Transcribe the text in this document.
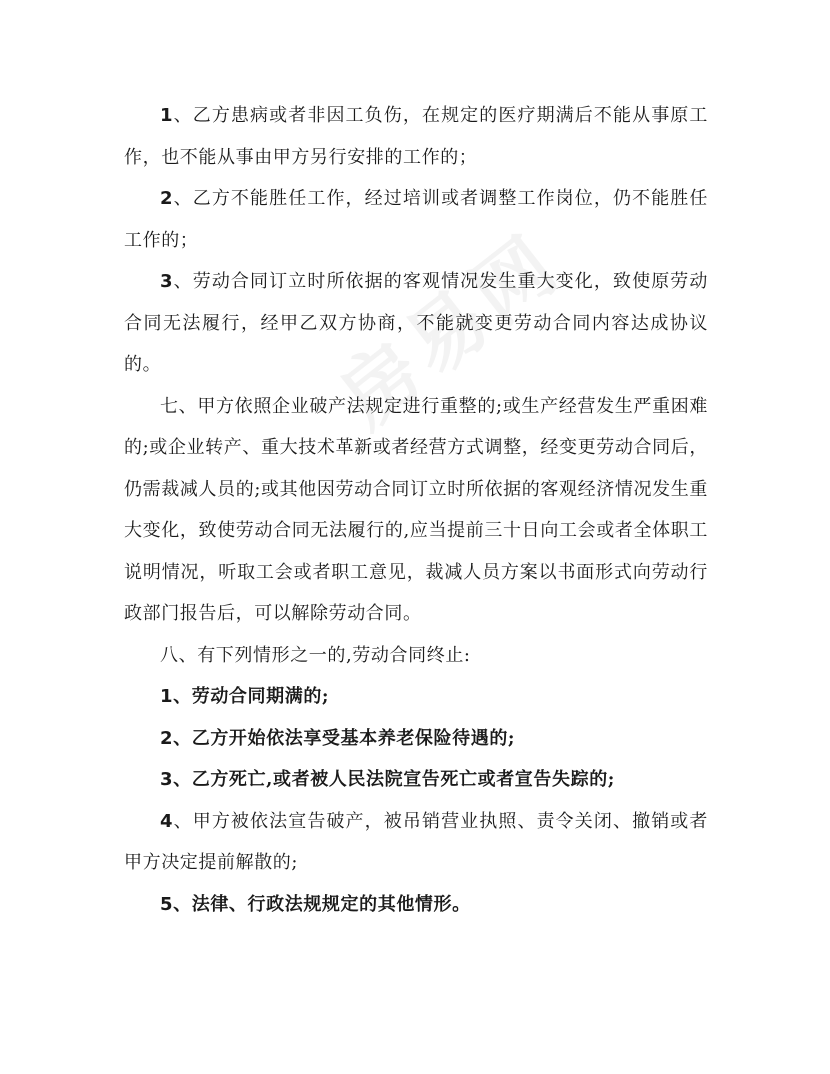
1、乙方患病或者非因工负伤，在规定的医疗期满后不能从事原工作，也不能从事由甲方另行安排的工作的；

2、乙方不能胜任工作，经过培训或者调整工作岗位，仍不能胜任工作的；

3、劳动合同订立时所依据的客观情况发生重大变化，致使原劳动合同无法履行，经甲乙双方协商，不能就变更劳动合同内容达成协议的。

七、甲方依照企业破产法规定进行重整的;或生产经营发生严重困难的;或企业转产、重大技术革新或者经营方式调整，经变更劳动合同后，仍需裁减人员的;或其他因劳动合同订立时所依据的客观经济情况发生重大变化，致使劳动合同无法履行的,应当提前三十日向工会或者全体职工说明情况，听取工会或者职工意见，裁减人员方案以书面形式向劳动行政部门报告后，可以解除劳动合同。

八、有下列情形之一的,劳动合同终止:

1、劳动合同期满的;

2、乙方开始依法享受基本养老保险待遇的;

3、乙方死亡,或者被人民法院宣告死亡或者宣告失踪的;

4、甲方被依法宣告破产，被吊销营业执照、责令关闭、撤销或者甲方决定提前解散的;

5、法律、行政法规规定的其他情形。
